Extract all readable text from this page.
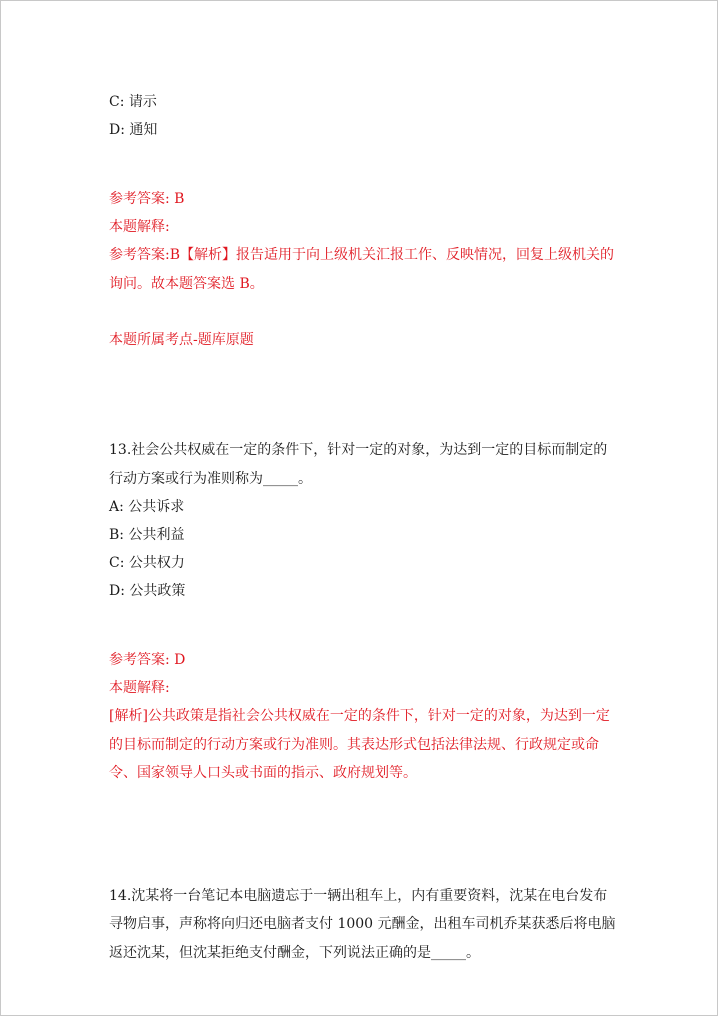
C: 请示
D: 通知
参考答案: B
本题解释:
参考答案:B【解析】报告适用于向上级机关汇报工作、反映情况，回复上级机关的询问。故本题答案选 B。
本题所属考点-题库原题
13.社会公共权威在一定的条件下，针对一定的对象，为达到一定的目标而制定的行动方案或行为准则称为_____。
A: 公共诉求
B: 公共利益
C: 公共权力
D: 公共政策
参考答案: D
本题解释:
[解析]公共政策是指社会公共权威在一定的条件下，针对一定的对象，为达到一定的目标而制定的行动方案或行为准则。其表达形式包括法律法规、行政规定或命令、国家领导人口头或书面的指示、政府规划等。
14.沈某将一台笔记本电脑遗忘于一辆出租车上，内有重要资料，沈某在电台发布寻物启事，声称将向归还电脑者支付 1000 元酬金，出租车司机乔某获悉后将电脑返还沈某，但沈某拒绝支付酬金，下列说法正确的是_____。
